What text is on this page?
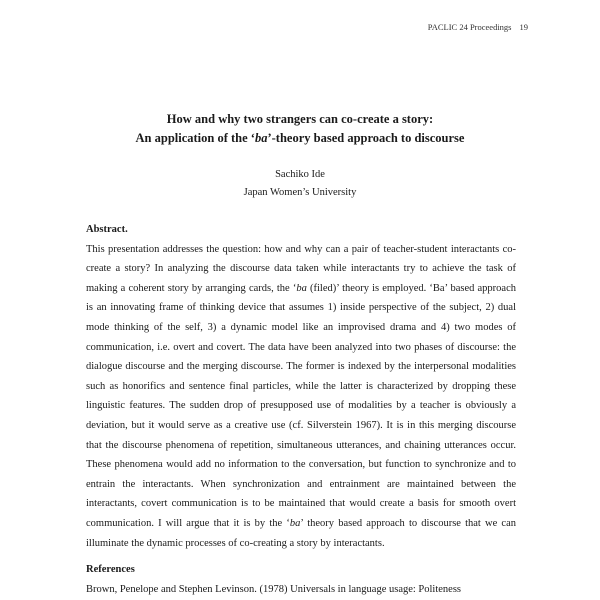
PACLIC 24 Proceedings 19
How and why two strangers can co-create a story:
An application of the ‘ba’-theory based approach to discourse
Sachiko Ide
Japan Women’s University
Abstract.

This presentation addresses the question: how and why can a pair of teacher-student interactants co-create a story? In analyzing the discourse data taken while interactants try to achieve the task of making a coherent story by arranging cards, the ‘ba (filed)’ theory is employed. ‘Ba’ based approach is an innovating frame of thinking device that assumes 1) inside perspective of the subject, 2) dual mode thinking of the self, 3) a dynamic model like an improvised drama and 4) two modes of communication, i.e. overt and covert. The data have been analyzed into two phases of discourse: the dialogue discourse and the merging discourse. The former is indexed by the interpersonal modalities such as honorifics and sentence final particles, while the latter is characterized by dropping these linguistic features. The sudden drop of presupposed use of modalities by a teacher is obviously a deviation, but it would serve as a creative use (cf. Silverstein 1967). It is in this merging discourse that the discourse phenomena of repetition, simultaneous utterances, and chaining utterances occur. These phenomena would add no information to the conversation, but function to synchronize and to entrain the interactants. When synchronization and entrainment are maintained between the interactants, covert communication is to be maintained that would create a basis for smooth overt communication. I will argue that it is by the ‘ba’ theory based approach to discourse that we can illuminate the dynamic processes of co-creating a story by interactants.

References

Brown, Penelope and Stephen Levinson. (1978) Universals in language usage: Politeness
